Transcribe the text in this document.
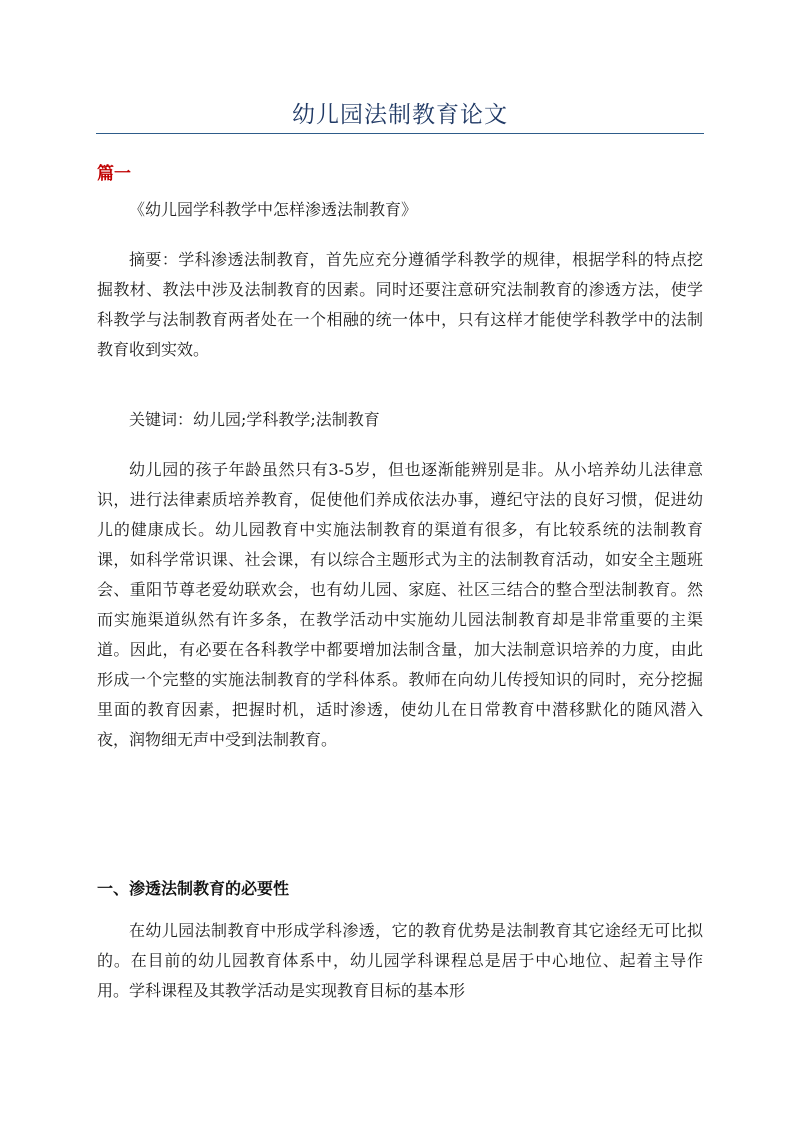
幼儿园法制教育论文
篇一

《幼儿园学科教学中怎样渗透法制教育》

摘要：学科渗透法制教育，首先应充分遵循学科教学的规律，根据学科的特点挖掘教材、教法中涉及法制教育的因素。同时还要注意研究法制教育的渗透方法，使学科教学与法制教育两者处在一个相融的统一体中，只有这样才能使学科教学中的法制教育收到实效。

关键词：幼儿园;学科教学;法制教育

幼儿园的孩子年龄虽然只有3-5岁，但也逐渐能辨别是非。从小培养幼儿法律意识，进行法律素质培养教育，促使他们养成依法办事，遵纪守法的良好习惯，促进幼儿的健康成长。幼儿园教育中实施法制教育的渠道有很多，有比较系统的法制教育课，如科学常识课、社会课，有以综合主题形式为主的法制教育活动，如安全主题班会、重阳节尊老爱幼联欢会，也有幼儿园、家庭、社区三结合的整合型法制教育。然而实施渠道纵然有许多条，在教学活动中实施幼儿园法制教育却是非常重要的主渠道。因此，有必要在各科教学中都要增加法制含量，加大法制意识培养的力度，由此形成一个完整的实施法制教育的学科体系。教师在向幼儿传授知识的同时，充分挖掘里面的教育因素，把握时机，适时渗透，使幼儿在日常教育中潜移默化的随风潜入夜，润物细无声中受到法制教育。

一、渗透法制教育的必要性

在幼儿园法制教育中形成学科渗透，它的教育优势是法制教育其它途经无可比拟的。在目前的幼儿园教育体系中，幼儿园学科课程总是居于中心地位、起着主导作用。学科课程及其教学活动是实现教育目标的基本形
